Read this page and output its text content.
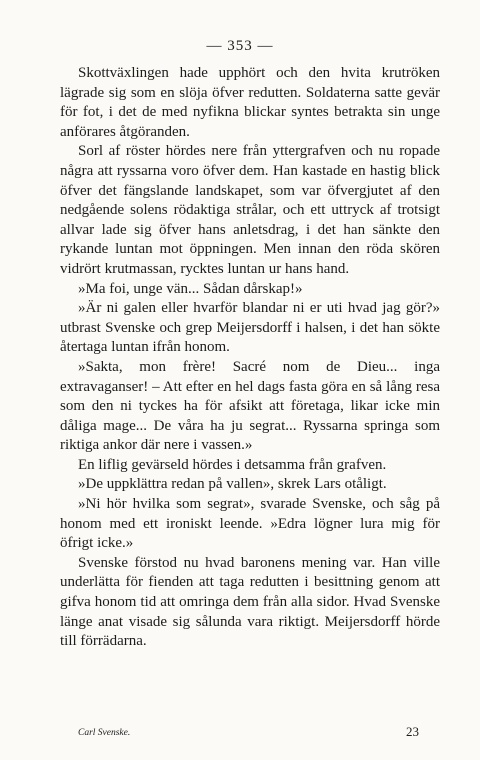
— 353 —

Skottväxlingen hade upphört och den hvita krutröken lägrade sig som en slöja öfver redutten. Soldaterna satte gevär för fot, i det de med nyfikna blickar syntes betrakta sin unge anförares åtgöranden.

Sorl af röster hördes nere från yttergrafven och nu ropade några att ryssarna voro öfver dem. Han kastade en hastig blick öfver det fängslande landskapet, som var öfvergjutet af den nedgående solens rödaktiga strålar, och ett uttryck af trotsigt allvar lade sig öfver hans anletsdrag, i det han sänkte den rykande luntan mot öppningen. Men innan den röda skören vidrört krutmassan, rycktes luntan ur hans hand.

»Ma foi, unge vän... Sådan dårskap!»

»Är ni galen eller hvarför blandar ni er uti hvad jag gör?» utbrast Svenske och grep Meijersdorff i halsen, i det han sökte återtaga luntan ifrån honom.

»Sakta, mon frère! Sacré nom de Dieu... inga extravaganser! – Att efter en hel dags fasta göra en så lång resa som den ni tyckes ha för afsikt att företaga, likar icke min dåliga mage... De våra ha ju segrat... Ryssarna springa som riktiga ankor där nere i vassen.»

En liflig gevärseld hördes i detsamma från grafven.

»De uppklättra redan på vallen», skrek Lars otåligt.

»Ni hör hvilka som segrat», svarade Svenske, och såg på honom med ett ironiskt leende. »Edra lögner lura mig för öfrigt icke.»

Svenske förstod nu hvad baronens mening var. Han ville underlätta för fienden att taga redutten i besittning genom att gifva honom tid att omringa dem från alla sidor. Hvad Svenske länge anat visade sig sålunda vara riktigt. Meijersdorff hörde till förrädarna.

Carl Svenske.	23
